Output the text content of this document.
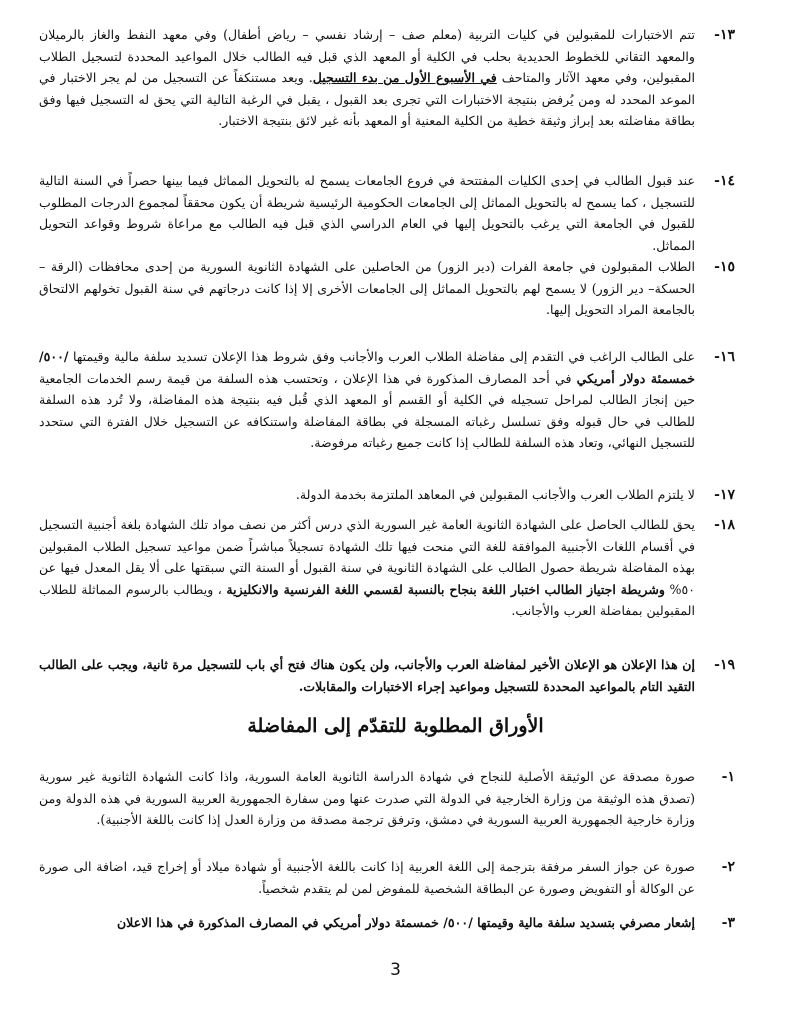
١٣-
تتم الاختبارات للمقبولين في كليات التربية (معلم صف – إرشاد نفسي – رياض أطفال) وفي معهد النفط والغاز بالرميلان والمعهد التقاني للخطوط الحديدية بحلب في الكلية أو المعهد الذي قبل فيه الطالب خلال المواعيد المحددة لتسجيل الطلاب المقبولين، وفي معهد الآثار والمتاحف في الأسبوع الأول من بدء التسجيل. ويعد مستنكفاً عن التسجيل من لم يجر الاختبار في الموعد المحدد له ومن يُرفض بنتيجة الاختبارات التي تجرى بعد القبول ، يقبل في الرغبة التالية التي يحق له التسجيل فيها وفق بطاقة مفاضلته بعد إبراز وثيقة خطية من الكلية المعنية أو المعهد بأنه غير لائق بنتيجة الاختبار.
١٤-
عند قبول الطالب في إحدى الكليات المفتتحة في فروع الجامعات يسمح له بالتحويل المماثل فيما بينها حصراً في السنة التالية للتسجيل ، كما يسمح له بالتحويل المماثل إلى الجامعات الحكومية الرئيسية شريطة أن يكون محققاً لمجموع الدرجات المطلوب للقبول في الجامعة التي يرغب بالتحويل إليها في العام الدراسي الذي قبل فيه الطالب مع مراعاة شروط وقواعد التحويل المماثل.
١٥-
الطلاب المقبولون في جامعة الفرات (دير الزور) من الحاصلين على الشهادة الثانوية السورية من إحدى محافظات (الرقة –الحسكة– دير الزور) لا يسمح لهم بالتحويل المماثل إلى الجامعات الأخرى إلا إذا كانت درجاتهم في سنة القبول تخولهم الالتحاق بالجامعة المراد التحويل إليها.
١٦-
على الطالب الراغب في التقدم إلى مفاضلة الطلاب العرب والأجانب وفق شروط هذا الإعلان تسديد سلفة مالية وقيمتها /٥٠٠/ خمسمئة دولار أمريكي في أحد المصارف المذكورة في هذا الإعلان ، وتحتسب هذه السلفة من قيمة رسم الخدمات الجامعية حين إنجاز الطالب لمراحل تسجيله في الكلية أو القسم أو المعهد الذي قُبل فيه بنتيجة هذه المفاضلة، ولا تُرد هذه السلفة للطالب في حال قبوله وفق تسلسل رغباته المسجلة في بطاقة المفاضلة واستنكافه عن التسجيل خلال الفترة التي ستحدد للتسجيل النهائي، وتعاد هذه السلفة للطالب إذا كانت جميع رغباته مرفوضة.
١٧-
لا يلتزم الطلاب العرب والأجانب المقبولين في المعاهد الملتزمة بخدمة الدولة.
١٨-
يحق للطالب الحاصل على الشهادة الثانوية العامة غير السورية الذي درس أكثر من نصف مواد تلك الشهادة بلغة أجنبية التسجيل في أقسام اللغات الأجنبية الموافقة للغة التي منحت فيها تلك الشهادة تسجيلاً مباشراً ضمن مواعيد تسجيل الطلاب المقبولين بهذه المفاضلة شريطة حصول الطالب على الشهادة الثانوية في سنة القبول أو السنة التي سبقتها على ألا يقل المعدل فيها عن ٥٠% وشريطة اجتياز الطالب اختبار اللغة بنجاح بالنسبة لقسمي اللغة الفرنسية والانكليزية ، ويطالب بالرسوم المماثلة للطلاب المقبولين بمفاضلة العرب والأجانب.
١٩-
إن هذا الإعلان هو الإعلان الأخير لمفاضلة العرب والأجانب، ولن يكون هناك فتح أي باب للتسجيل مرة ثانية، ويجب على الطالب التقيد التام بالمواعيد المحددة للتسجيل ومواعيد إجراء الاختبارات والمقابلات.
الأوراق المطلوبة للتقدّم إلى المفاضلة
١-
صورة مصدقة عن الوثيقة الأصلية للنجاح في شهادة الدراسة الثانوية العامة السورية، واذا كانت الشهادة الثانوية غير سورية (تصدق هذه الوثيقة من وزارة الخارجية في الدولة التي صدرت عنها ومن سفارة الجمهورية العربية السورية في هذه الدولة ومن وزارة خارجية الجمهورية العربية السورية في دمشق، وترفق ترجمة مصدقة من وزارة العدل إذا كانت باللغة الأجنبية).
٢-
صورة عن جواز السفر مرفقة بترجمة إلى اللغة العربية إذا كانت باللغة الأجنبية أو شهادة ميلاد أو إخراج قيد، اضافة الى صورة عن الوكالة أو التفويض وصورة عن البطاقة الشخصية للمفوض لمن لم يتقدم شخصياً.
٣-
إشعار مصرفي بتسديد سلفة مالية وقيمتها /٥٠٠/ خمسمئة دولار أمريكي في المصارف المذكورة في هذا الاعلان
3
